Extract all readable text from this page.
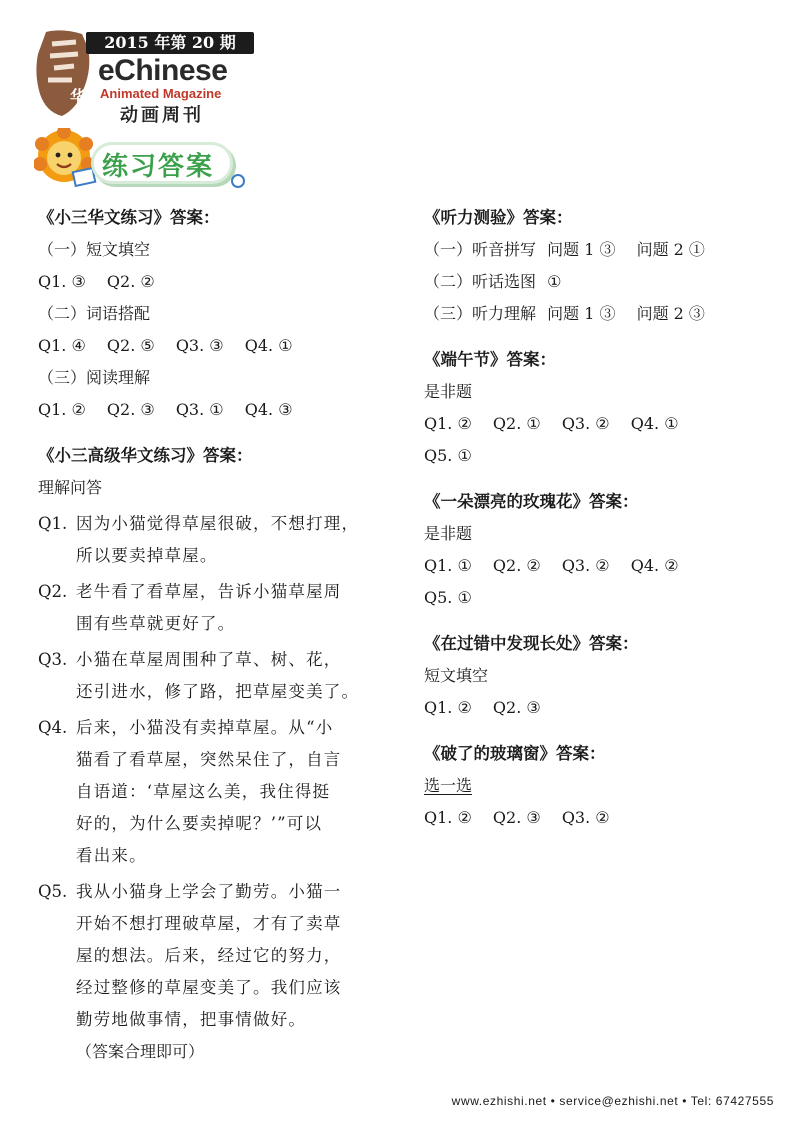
华
2015 年第 20 期
eChinese
Animated Magazine
动画周刊
练习答案
《小三华文练习》答案：
（一）短文填空
Q1. ③ Q2. ②
（二）词语搭配
Q1. ④ Q2. ⑤ Q3. ③ Q4. ①
（三）阅读理解
Q1. ② Q2. ③ Q3. ① Q4. ③
《小三高级华文练习》答案：
理解问答
Q1. 因为小猫觉得草屋很破，不想打理，
所以要卖掉草屋。
Q2. 老牛看了看草屋，告诉小猫草屋周
围有些草就更好了。
Q3. 小猫在草屋周围种了草、树、花，
还引进水，修了路，把草屋变美了。
Q4. 后来，小猫没有卖掉草屋。从“小
猫看了看草屋，突然呆住了，自言
自语道：‘草屋这么美，我住得挺
好的，为什么要卖掉呢？’”可以
看出来。
Q5. 我从小猫身上学会了勤劳。小猫一
开始不想打理破草屋，才有了卖草
屋的想法。后来，经过它的努力，
经过整修的草屋变美了。我们应该
勤劳地做事情，把事情做好。
（答案合理即可）
《听力测验》答案：
（一）听音拼写 问题 1 ③ 问题 2 ①
（二）听话选图 ①
（三）听力理解 问题 1 ③ 问题 2 ③
《端午节》答案：
是非题
Q1. ② Q2. ① Q3. ② Q4. ①
Q5. ①
《一朵漂亮的玫瑰花》答案：
是非题
Q1. ① Q2. ② Q3. ② Q4. ②
Q5. ①
《在过错中发现长处》答案：
短文填空
Q1. ② Q2. ③
《破了的玻璃窗》答案：
选一选
Q1. ② Q2. ③ Q3. ②
www.ezhishi.net • service@ezhishi.net • Tel: 67427555
